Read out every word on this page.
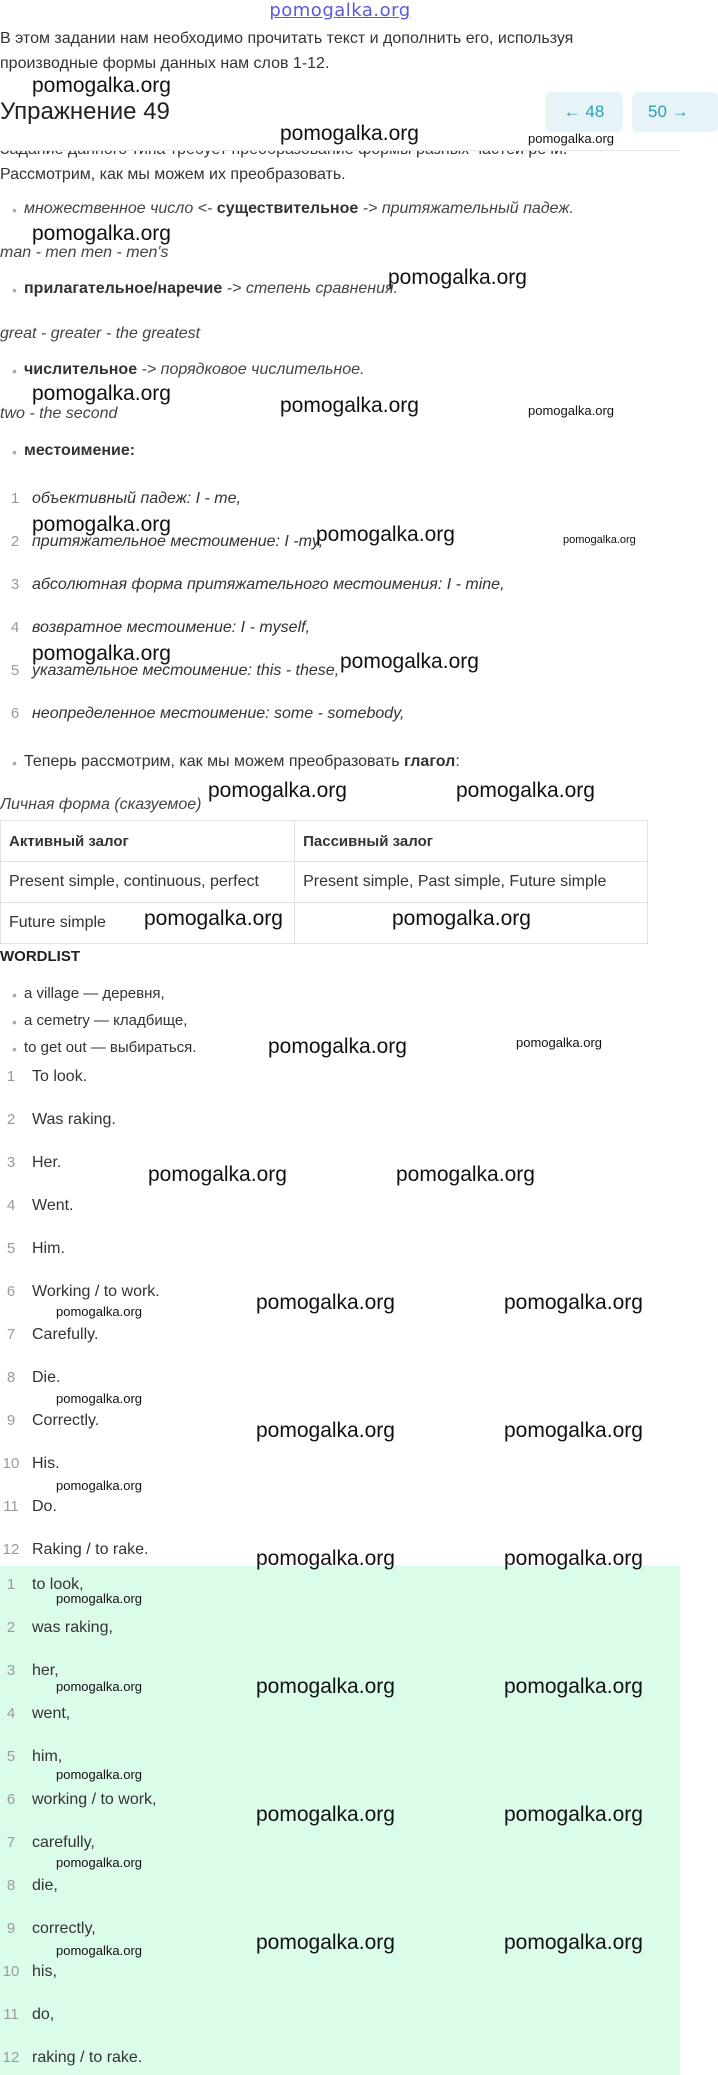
pomogalka.org
В этом задании нам необходимо прочитать текст и дополнить его, используя
производные формы данных нам слов 1-12.
Рассмотрим, как мы можем их преобразовать.
Упражнение 49	← 48	50 →
• множественное число <- существительное -> притяжательный падеж.
man - men men - men's
• прилагательное/наречие -> степень сравнения.
great - greater - the greatest
• числительное -> порядковое числительное.
two - the second
• местоимение:
1 объективный падеж: I - me,
2 притяжательное местоимение: I -my,
3 абсолютная форма притяжательного местоимения: I - mine,
4 возвратное местоимение: I - myself,
5 указательное местоимение: this - these,
6 неопределенное местоимение: some - somebody,
• Теперь рассмотрим, как мы можем преобразовать глагол:
Личная форма (сказуемое)
Активный залог	Пассивный залог
Present simple, continuous, perfect	Present simple, Past simple, Future simple
Future simple	
WORDLIST
• a village — деревня,
• a cemetry — кладбище,
• to get out — выбираться.
1	To look.
2	Was raking.
3	Her.
4	Went.
5	Him.
6	Working / to work.
7	Carefully.
8	Die.
9	Correctly.
10 His.
11 Do.
12 Raking / to rake.
1	to look,
2	was raking,
3	her,
4	went,
5	him,
6	working / to work,
7	carefully,
8	die,
9	correctly,
10 his,
11 do,
12 raking / to rake.
pomogalka.org
pomogalka.org	pomogalka.org
pomogalka.org
pomogalka.org
pomogalka.org
pomogalka.org	pomogalka.org
pomogalka.org	pomogalka.org	pomogalka.org
pomogalka.org	pomogalka.org
pomogalka.org	pomogalka.org
pomogalka.org	pomogalka.org
pomogalka.org	pomogalka.org
pomogalka.org	pomogalka.org
pomogalka.org	pomogalka.org	pomogalka.org
pomogalka.org
pomogalka.org	pomogalka.org
pomogalka.org
pomogalka.org	pomogalka.org
pomogalka.org
pomogalka.org	pomogalka.org	pomogalka.org
pomogalka.org
pomogalka.org	pomogalka.org
pomogalka.org
pomogalka.org	pomogalka.org	pomogalka.org
